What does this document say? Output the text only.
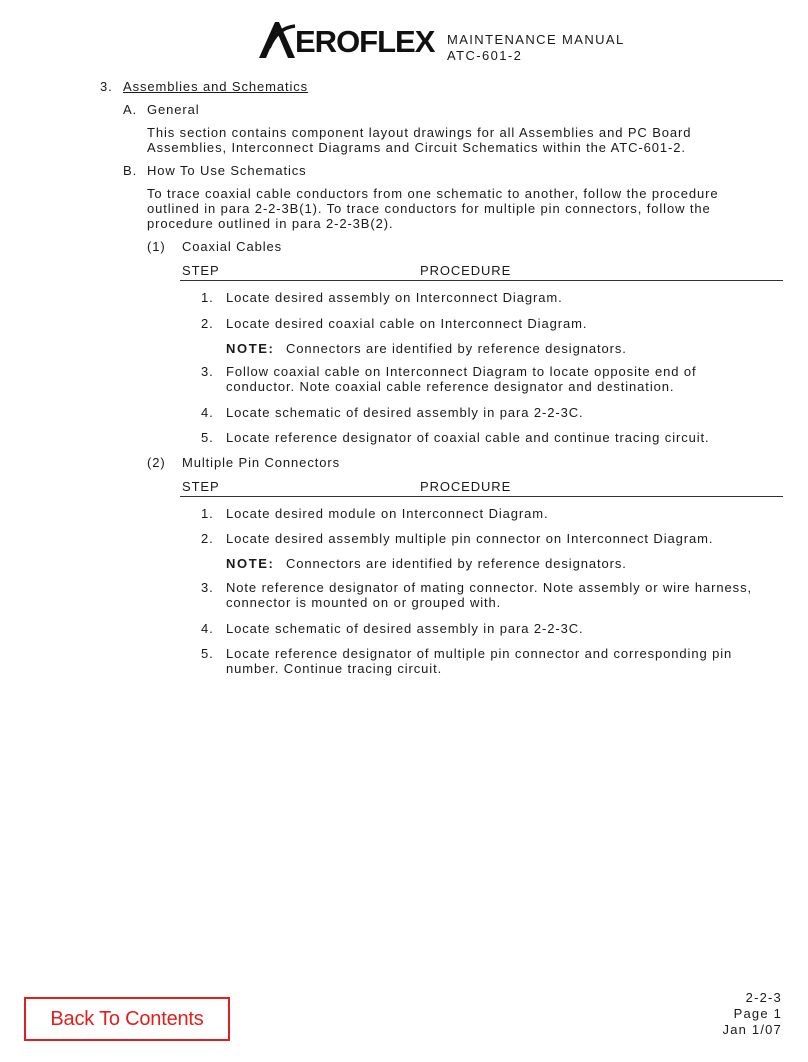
EROFLEX MAINTENANCE MANUAL
ATC-601-2
3. Assemblies and Schematics
A. General
This section contains component layout drawings for all Assemblies and PC Board
Assemblies, Interconnect Diagrams and Circuit Schematics within the ATC-601-2.
B. How To Use Schematics
To trace coaxial cable conductors from one schematic to another, follow the procedure
outlined in para 2-2-3B(1). To trace conductors for multiple pin connectors, follow the
procedure outlined in para 2-2-3B(2).
(1) Coaxial Cables
STEP	PROCEDURE
1. Locate desired assembly on Interconnect Diagram.
2. Locate desired coaxial cable on Interconnect Diagram.
NOTE: Connectors are identified by reference designators.
3. Follow coaxial cable on Interconnect Diagram to locate opposite end of
conductor. Note coaxial cable reference designator and destination.
4. Locate schematic of desired assembly in para 2-2-3C.
5. Locate reference designator of coaxial cable and continue tracing circuit.
(2) Multiple Pin Connectors
STEP	PROCEDURE
1. Locate desired module on Interconnect Diagram.
2. Locate desired assembly multiple pin connector on Interconnect Diagram.
NOTE: Connectors are identified by reference designators.
3. Note reference designator of mating connector. Note assembly or wire harness,
connector is mounted on or grouped with.
4. Locate schematic of desired assembly in para 2-2-3C.
5. Locate reference designator of multiple pin connector and corresponding pin
number. Continue tracing circuit.
Back To Contents
2-2-3
Page 1
Jan 1/07
